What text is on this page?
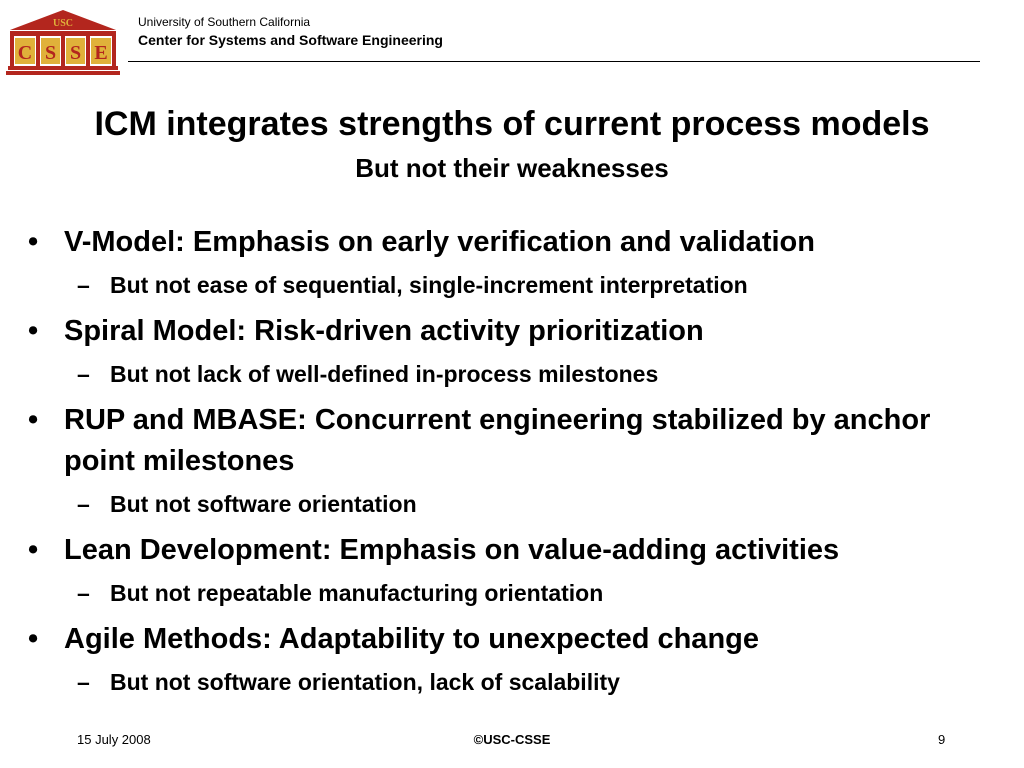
USC
C S S E
University of Southern California
Center for Systems and Software Engineering
ICM integrates strengths of current process models
But not their weaknesses
• V-Model: Emphasis on early verification and validation
– But not ease of sequential, single-increment interpretation
• Spiral Model: Risk-driven activity prioritization
– But not lack of well-defined in-process milestones
• RUP and MBASE: Concurrent engineering stabilized by anchor point milestones
– But not software orientation
• Lean Development: Emphasis on value-adding activities
– But not repeatable manufacturing orientation
• Agile Methods: Adaptability to unexpected change
– But not software orientation, lack of scalability
15 July 2008	©USC-CSSE	9
